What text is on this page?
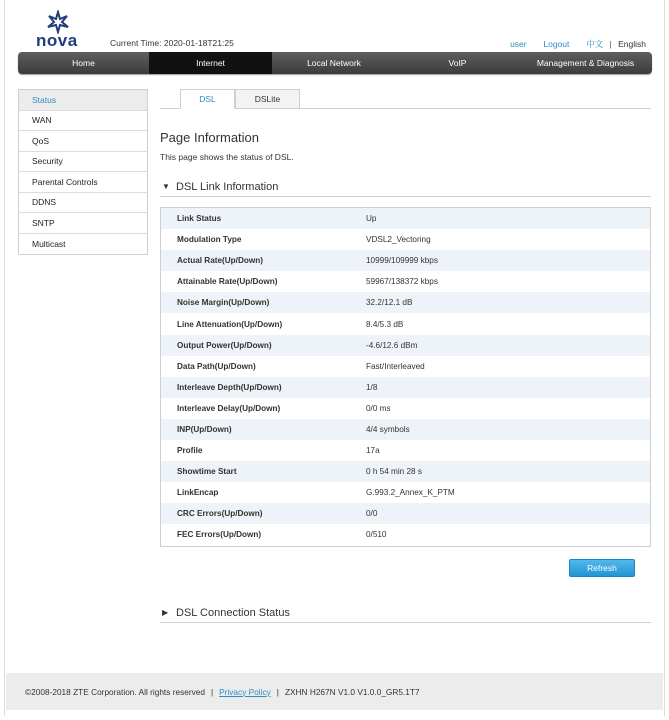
nova	Current Time: 2020-01-18T21:25	user Logout 中文 | English
Home	Internet	Local Network	VoIP	Management & Diagnosis
Status
WAN
QoS
Security
Parental Controls
DDNS
SNTP
Multicast
DSL	DSLite
Page Information
This page shows the status of DSL.
▼ DSL Link Information
Link Status	Up
Modulation Type	VDSL2_Vectoring
Actual Rate(Up/Down)	10999/109999 kbps
Attainable Rate(Up/Down)	59967/138372 kbps
Noise Margin(Up/Down)	32.2/12.1 dB
Line Attenuation(Up/Down)	8.4/5.3 dB
Output Power(Up/Down)	-4.6/12.6 dBm
Data Path(Up/Down)	Fast/Interleaved
Interleave Depth(Up/Down)	1/8
Interleave Delay(Up/Down)	0/0 ms
INP(Up/Down)	4/4 symbols
Profile	17a
Showtime Start	0 h 54 min 28 s
LinkEncap	G.993.2_Annex_K_PTM
CRC Errors(Up/Down)	0/0
FEC Errors(Up/Down)	0/510
Refresh
▶ DSL Connection Status
©2008-2018 ZTE Corporation. All rights reserved | Privacy Policy | ZXHN H267N V1.0 V1.0.0_GR5.1T7
